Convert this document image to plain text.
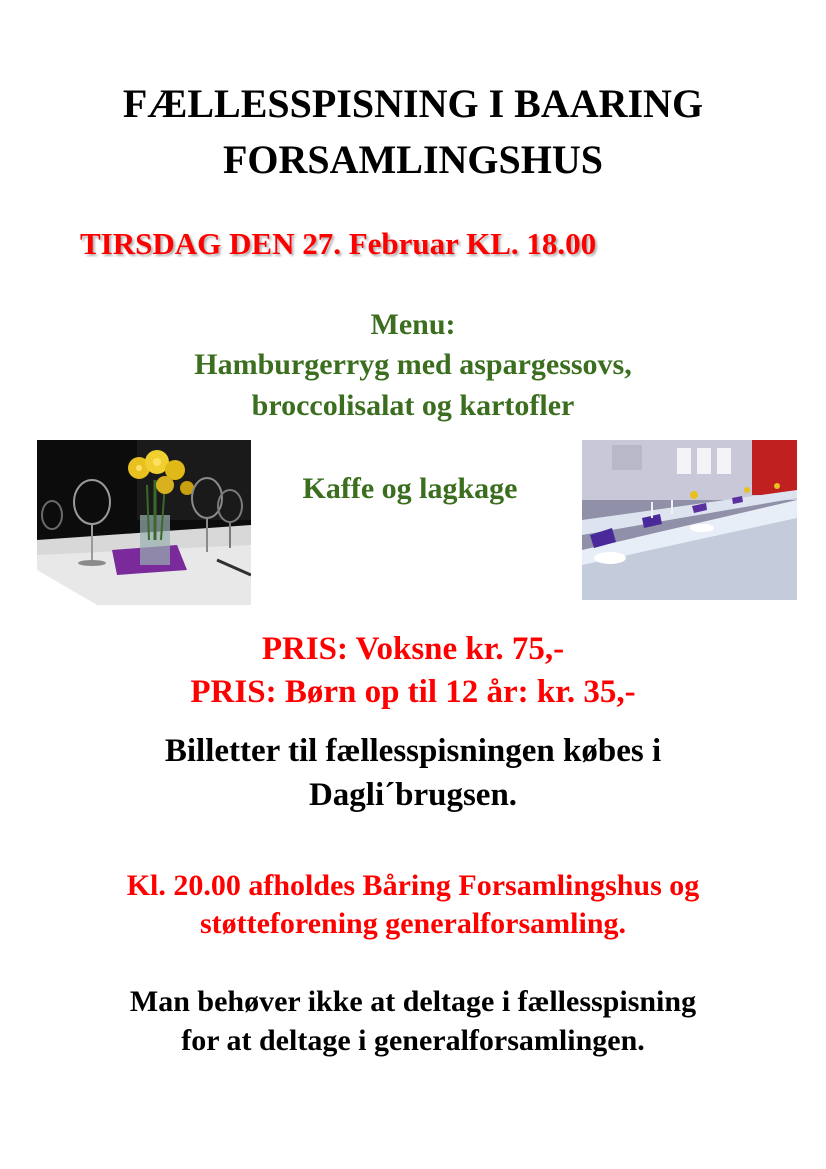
FÆLLESSPISNING I BAARING
FORSAMLINGSHUS
TIRSDAG DEN 27. Februar KL. 18.00
Menu:
Hamburgerryg med aspargessovs,
broccolisalat og kartofler
Kaffe og lagkage
PRIS: Voksne kr. 75,-
PRIS: Børn op til 12 år: kr. 35,-
Billetter til fællesspisningen købes i
Dagli´brugsen.
Kl. 20.00 afholdes Båring Forsamlingshus og
støtteforening generalforsamling.
Man behøver ikke at deltage i fællesspisning
for at deltage i generalforsamlingen.
